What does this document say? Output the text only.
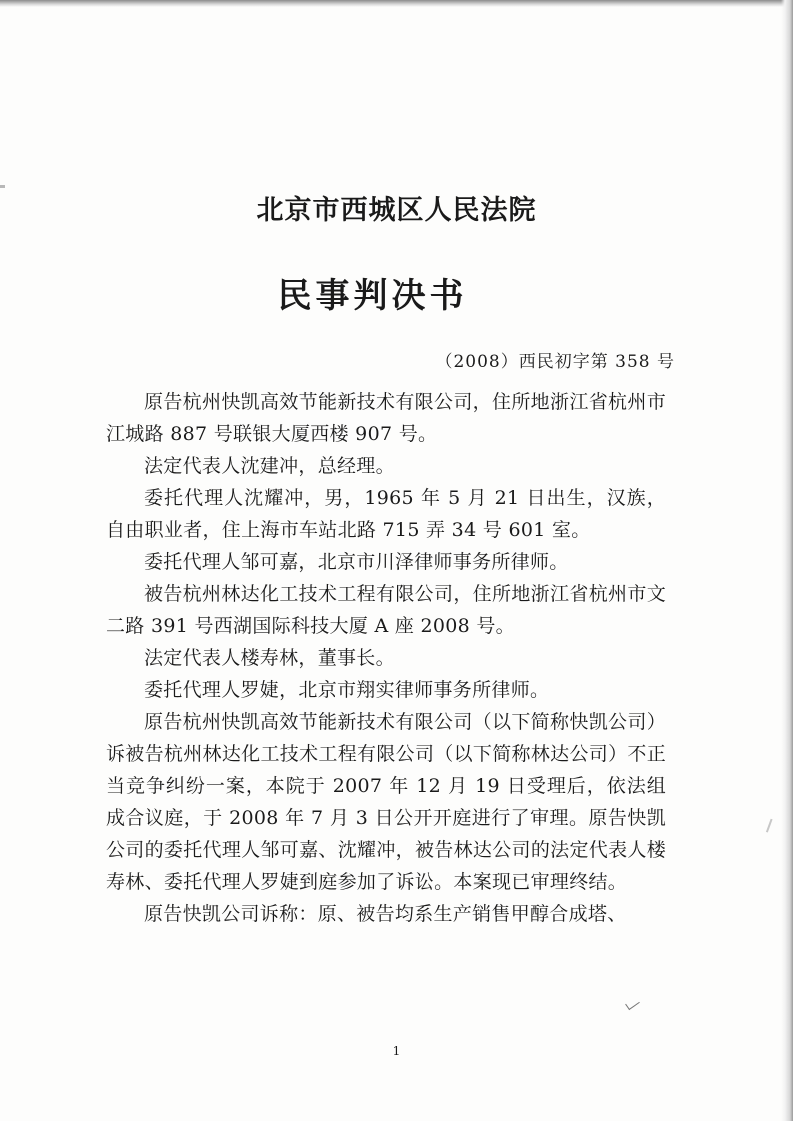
北京市西城区人民法院
民事判决书
（2008）西民初字第 358 号

原告杭州快凯高效节能新技术有限公司，住所地浙江省杭州市江城路 887 号联银大厦西楼 907 号。

法定代表人沈建冲，总经理。

委托代理人沈耀冲，男，1965 年 5 月 21 日出生，汉族，自由职业者，住上海市车站北路 715 弄 34 号 601 室。

委托代理人邹可嘉，北京市川泽律师事务所律师。

被告杭州林达化工技术工程有限公司，住所地浙江省杭州市文二路 391 号西湖国际科技大厦 A 座 2008 号。

法定代表人楼寿林，董事长。

委托代理人罗婕，北京市翔实律师事务所律师。

原告杭州快凯高效节能新技术有限公司（以下简称快凯公司）诉被告杭州林达化工技术工程有限公司（以下简称林达公司）不正当竞争纠纷一案，本院于 2007 年 12 月 19 日受理后，依法组成合议庭，于 2008 年 7 月 3 日公开开庭进行了审理。原告快凯公司的委托代理人邹可嘉、沈耀冲，被告林达公司的法定代表人楼寿林、委托代理人罗婕到庭参加了诉讼。本案现已审理终结。

原告快凯公司诉称：原、被告均系生产销售甲醇合成塔、

1
